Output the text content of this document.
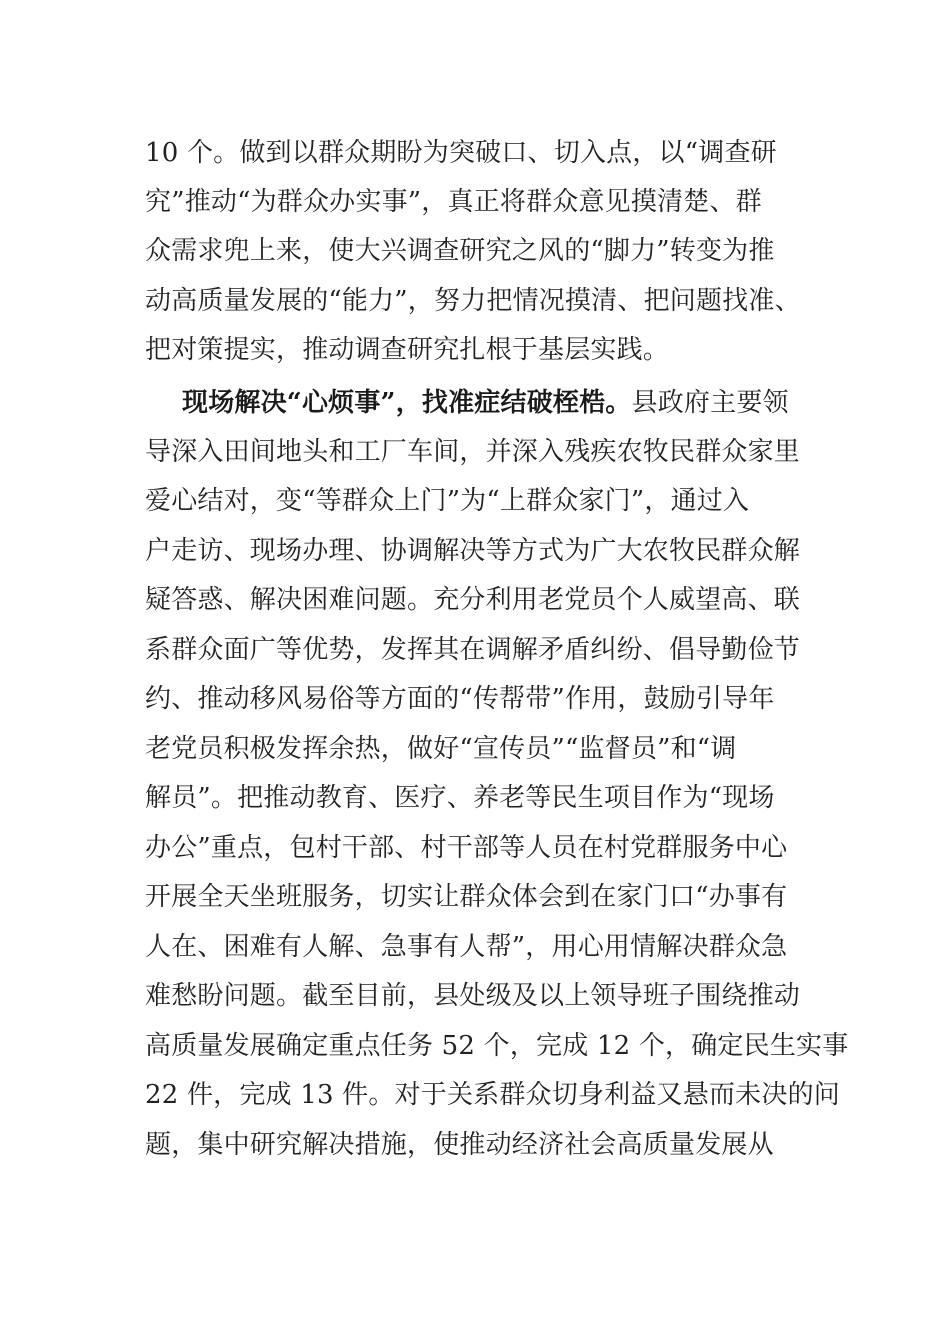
10 个。做到以群众期盼为突破口、切入点，以“调查研
究”推动“为群众办实事”，真正将群众意见摸清楚、群
众需求兜上来，使大兴调查研究之风的“脚力”转变为推
动高质量发展的“能力”，努力把情况摸清、把问题找准、
把对策提实，推动调查研究扎根于基层实践。
现场解决“心烦事”，找准症结破桎梏。县政府主要领
导深入田间地头和工厂车间，并深入残疾农牧民群众家里
爱心结对，变“等群众上门”为“上群众家门”，通过入
户走访、现场办理、协调解决等方式为广大农牧民群众解
疑答惑、解决困难问题。充分利用老党员个人威望高、联
系群众面广等优势，发挥其在调解矛盾纠纷、倡导勤俭节
约、推动移风易俗等方面的“传帮带”作用，鼓励引导年
老党员积极发挥余热，做好“宣传员”“监督员”和“调
解员”。把推动教育、医疗、养老等民生项目作为“现场
办公”重点，包村干部、村干部等人员在村党群服务中心
开展全天坐班服务，切实让群众体会到在家门口“办事有
人在、困难有人解、急事有人帮”，用心用情解决群众急
难愁盼问题。截至目前，县处级及以上领导班子围绕推动
高质量发展确定重点任务 52 个，完成 12 个，确定民生实事
22 件，完成 13 件。对于关系群众切身利益又悬而未决的问
题，集中研究解决措施，使推动经济社会高质量发展从
